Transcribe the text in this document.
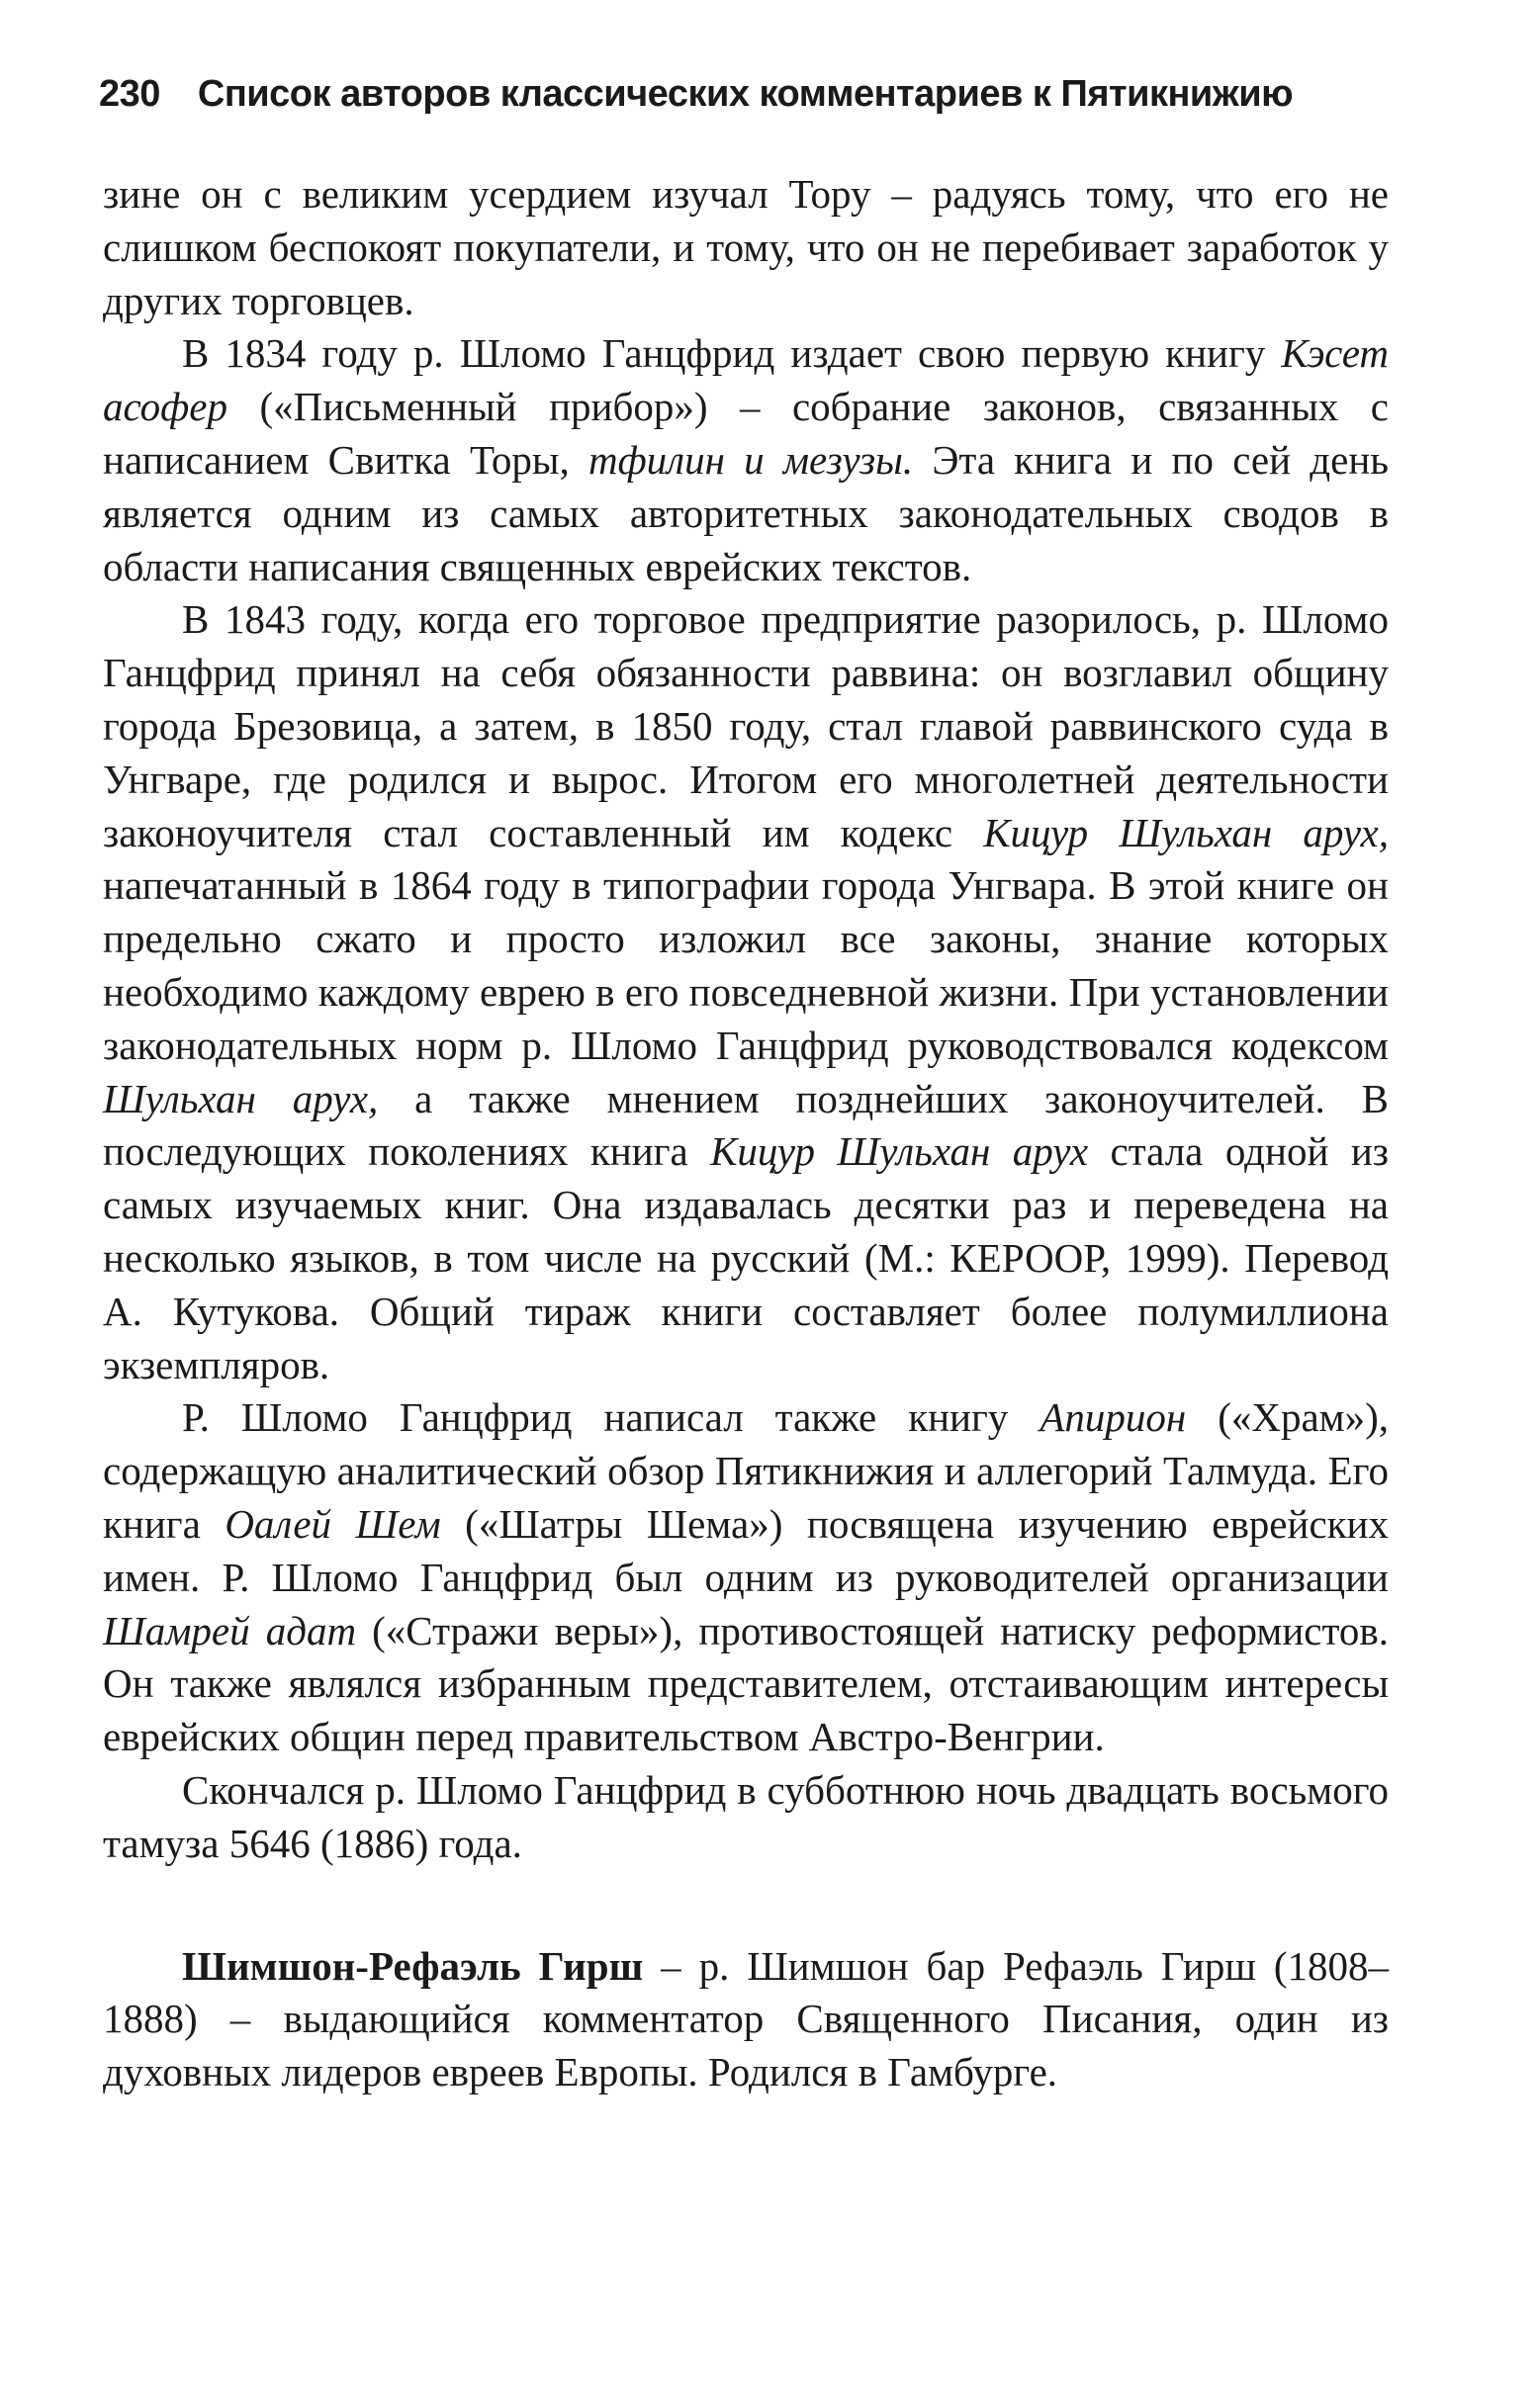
230 Список авторов классических комментариев к Пятикнижию

зине он с великим усердием изучал Тору – радуясь тому, что его не слишком беспокоят покупатели, и тому, что он не перебивает заработок у других торговцев.

В 1834 году р. Шломо Ганцфрид издает свою первую книгу Кэсет асофер («Письменный прибор») – собрание законов, связанных с написанием Свитка Торы, тфилин и мезузы. Эта книга и по сей день является одним из самых авторитетных законодательных сводов в области написания священных еврейских текстов.

В 1843 году, когда его торговое предприятие разорилось, р. Шломо Ганцфрид принял на себя обязанности раввина: он возглавил общину города Брезовица, а затем, в 1850 году, стал главой раввинского суда в Унгваре, где родился и вырос. Итогом его многолетней деятельности законоучителя стал составленный им кодекс Кицур Шульхан арух, напечатанный в 1864 году в типографии города Унгвара. В этой книге он предельно сжато и просто изложил все законы, знание которых необходимо каждому еврею в его повседневной жизни. При установлении законодательных норм р. Шломо Ганцфрид руководствовался кодексом Шульхан арух, а также мнением позднейших законоучителей. В последующих поколениях книга Кицур Шульхан арух стала одной из самых изучаемых книг. Она издавалась десятки раз и переведена на несколько языков, в том числе на русский (М.: КЕРООР, 1999). Перевод А. Кутукова. Общий тираж книги составляет более полумиллиона экземпляров.

Р. Шломо Ганцфрид написал также книгу Апирион («Храм»), содержащую аналитический обзор Пятикнижия и аллегорий Талмуда. Его книга Оалей Шем («Шатры Шема») посвящена изучению еврейских имен. Р. Шломо Ганцфрид был одним из руководителей организации Шамрей адат («Стражи веры»), противостоящей натиску реформистов. Он также являлся избранным представителем, отстаивающим интересы еврейских общин перед правительством Австро-Венгрии.

Скончался р. Шломо Ганцфрид в субботнюю ночь двадцать восьмого тамуза 5646 (1886) года.

Шимшон-Рефаэль Гирш – р. Шимшон бар Рефаэль Гирш (1808–1888) – выдающийся комментатор Священного Писания, один из духовных лидеров евреев Европы. Родился в Гамбурге.
